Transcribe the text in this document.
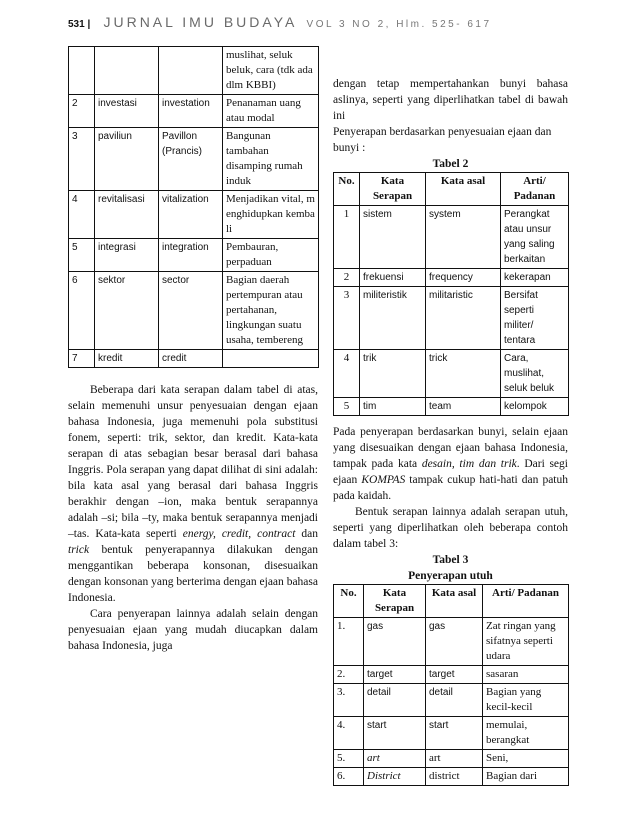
531 | JURNAL IMU BUDAYA VOL 3 NO 2, Hlm. 525- 617
			muslihat, seluk beluk, cara (tdk ada dlm KBBI)
2	investasi	investation	Penanaman uang atau modal
3	paviliun	Pavillon (Prancis)	Bangunan tambahan disamping rumah induk
4	revitalisasi	vitalization	Menjadikan vital, menghidupkan kembali
5	integrasi	integration	Pembauran, perpaduan
6	sektor	sector	Bagian daerah pertempuran atau pertahanan, lingkungan suatu usaha, tembereng
7	kredit	credit	

Beberapa dari kata serapan dalam tabel di atas, selain memenuhi unsur penyesuaian dengan ejaan bahasa Indonesia, juga memenuhi pola substitusi fonem, seperti: trik, sektor, dan kredit. Kata-kata serapan di atas sebagian besar berasal dari bahasa Inggris. Pola serapan yang dapat dilihat di sini adalah: bila kata asal yang berasal dari bahasa Inggris berakhir dengan –ion, maka bentuk serapannya adalah –si; bila –ty, maka bentuk serapannya menjadi –tas. Kata-kata seperti energy, credit, contract dan trick bentuk penyerapannya dilakukan dengan menggantikan beberapa konsonan, disesuaikan dengan konsonan yang berterima dengan ejaan bahasa Indonesia.

Cara penyerapan lainnya adalah selain dengan penyesuaian ejaan yang mudah diucapkan dalam bahasa Indonesia, juga

dengan tetap mempertahankan bunyi bahasa aslinya, seperti yang diperlihatkan tabel di bawah ini

Penyerapan berdasarkan penyesuaian ejaan dan bunyi :

Tabel 2

No.	Kata Serapan	Kata asal	Arti/ Padanan
1	sistem	system	Perangkat atau unsur yang saling berkaitan
2	frekuensi	frequency	kekerapan
3	militeristik	militaristic	Bersifat seperti militer/ tentara
4	trik	trick	Cara, muslihat, seluk beluk
5	tim	team	kelompok

Pada penyerapan berdasarkan bunyi, selain ejaan yang disesuaikan dengan ejaan bahasa Indonesia, tampak pada kata desain, tim dan trik. Dari segi ejaan KOMPAS tampak cukup hati-hati dan patuh pada kaidah.

Bentuk serapan lainnya adalah serapan utuh, seperti yang diperlihatkan oleh beberapa contoh dalam tabel 3:

Tabel 3

Penyerapan utuh

No.	Kata Serapan	Kata asal	Arti/ Padanan
1.	gas	gas	Zat ringan yang sifatnya seperti udara
2.	target	target	sasaran
3.	detail	detail	Bagian yang kecil-kecil
4.	start	start	memulai, berangkat
5.	art	art	Seni,
6.	District	district	Bagian dari
